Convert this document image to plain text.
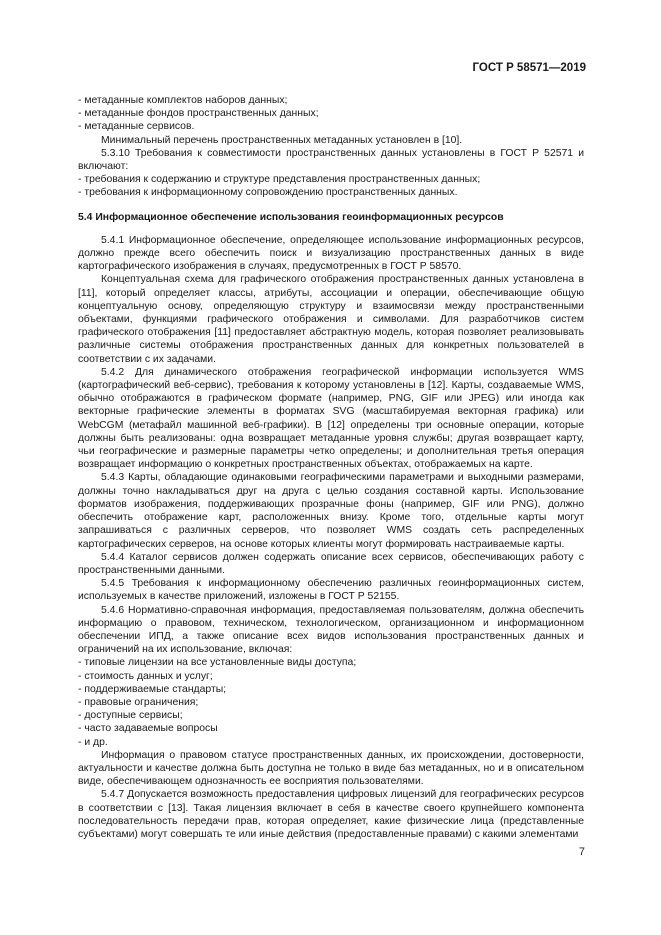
ГОСТ Р 58571—2019

- метаданные комплектов наборов данных;

- метаданные фондов пространственных данных;

- метаданные сервисов.

Минимальный перечень пространственных метаданных установлен в [10].

5.3.10 Требования к совместимости пространственных данных установлены в ГОСТ Р 52571 и включают:

- требования к содержанию и структуре представления пространственных данных;

- требования к информационному сопровождению пространственных данных.

5.4 Информационное обеспечение использования геоинформационных ресурсов

5.4.1 Информационное обеспечение, определяющее использование информационных ресурсов, должно прежде всего обеспечить поиск и визуализацию пространственных данных в виде картографического изображения в случаях, предусмотренных в ГОСТ Р 58570.

Концептуальная схема для графического отображения пространственных данных установлена в [11], который определяет классы, атрибуты, ассоциации и операции, обеспечивающие общую концептуальную основу, определяющую структуру и взаимосвязи между пространственными объектами, функциями графического отображения и символами. Для разработчиков систем графического отображения [11] предоставляет абстрактную модель, которая позволяет реализовывать различные системы отображения пространственных данных для конкретных пользователей в соответствии с их задачами.

5.4.2 Для динамического отображения географической информации используется WMS (картографический веб-сервис), требования к которому установлены в [12]. Карты, создаваемые WMS, обычно отображаются в графическом формате (например, PNG, GIF или JPEG) или иногда как векторные графические элементы в форматах SVG (масштабируемая векторная графика) или WebCGM (метафайл машинной веб-графики). В [12] определены три основные операции, которые должны быть реализованы: одна возвращает метаданные уровня службы; другая возвращает карту, чьи географические и размерные параметры четко определены; и дополнительная третья операция возвращает информацию о конкретных пространственных объектах, отображаемых на карте.

5.4.3 Карты, обладающие одинаковыми географическими параметрами и выходными размерами, должны точно накладываться друг на друга с целью создания составной карты. Использование форматов изображения, поддерживающих прозрачные фоны (например, GIF или PNG), должно обеспечить отображение карт, расположенных внизу. Кроме того, отдельные карты могут запрашиваться с различных серверов, что позволяет WMS создать сеть распределенных картографических серверов, на основе которых клиенты могут формировать настраиваемые карты.

5.4.4 Каталог сервисов должен содержать описание всех сервисов, обеспечивающих работу с пространственными данными.

5.4.5 Требования к информационному обеспечению различных геоинформационных систем, используемых в качестве приложений, изложены в ГОСТ Р 52155.

5.4.6 Нормативно-справочная информация, предоставляемая пользователям, должна обеспечить информацию о правовом, техническом, технологическом, организационном и информационном обеспечении ИПД, а также описание всех видов использования пространственных данных и ограничений на их использование, включая:

- типовые лицензии на все установленные виды доступа;

- стоимость данных и услуг;

- поддерживаемые стандарты;

- правовые ограничения;

- доступные сервисы;

- часто задаваемые вопросы

- и др.

Информация о правовом статусе пространственных данных, их происхождении, достоверности, актуальности и качестве должна быть доступна не только в виде баз метаданных, но и в описательном виде, обеспечивающем однозначность ее восприятия пользователями.

5.4.7 Допускается возможность предоставления цифровых лицензий для географических ресурсов в соответствии с [13]. Такая лицензия включает в себя в качестве своего крупнейшего компонента последовательность передачи прав, которая определяет, какие физические лица (представленные субъектами) могут совершать те или иные действия (предоставленные правами) с какими элементами

7
